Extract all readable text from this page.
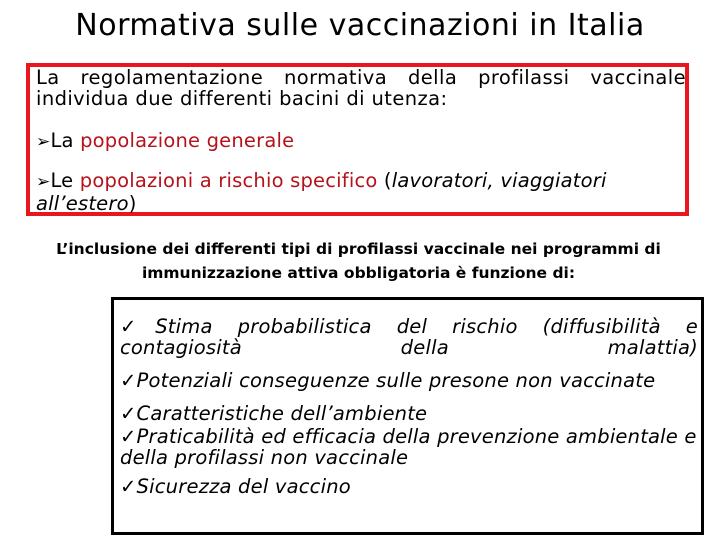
Normativa sulle vaccinazioni in Italia
La regolamentazione normativa della profilassi vaccinale individua due differenti bacini di utenza:
➢La popolazione generale
➢Le popolazioni a rischio specifico (lavoratori, viaggiatori all’estero)
L’inclusione dei differenti tipi di profilassi vaccinale nei programmi di immunizzazione attiva obbligatoria è funzione di:
✓Stima probabilistica del rischio (diffusibilità e contagiosità della malattia)
✓Potenziali conseguenze sulle presone non vaccinate
✓Caratteristiche dell’ambiente
✓Praticabilità ed efficacia della prevenzione ambientale e della profilassi non vaccinale
✓Sicurezza del vaccino
